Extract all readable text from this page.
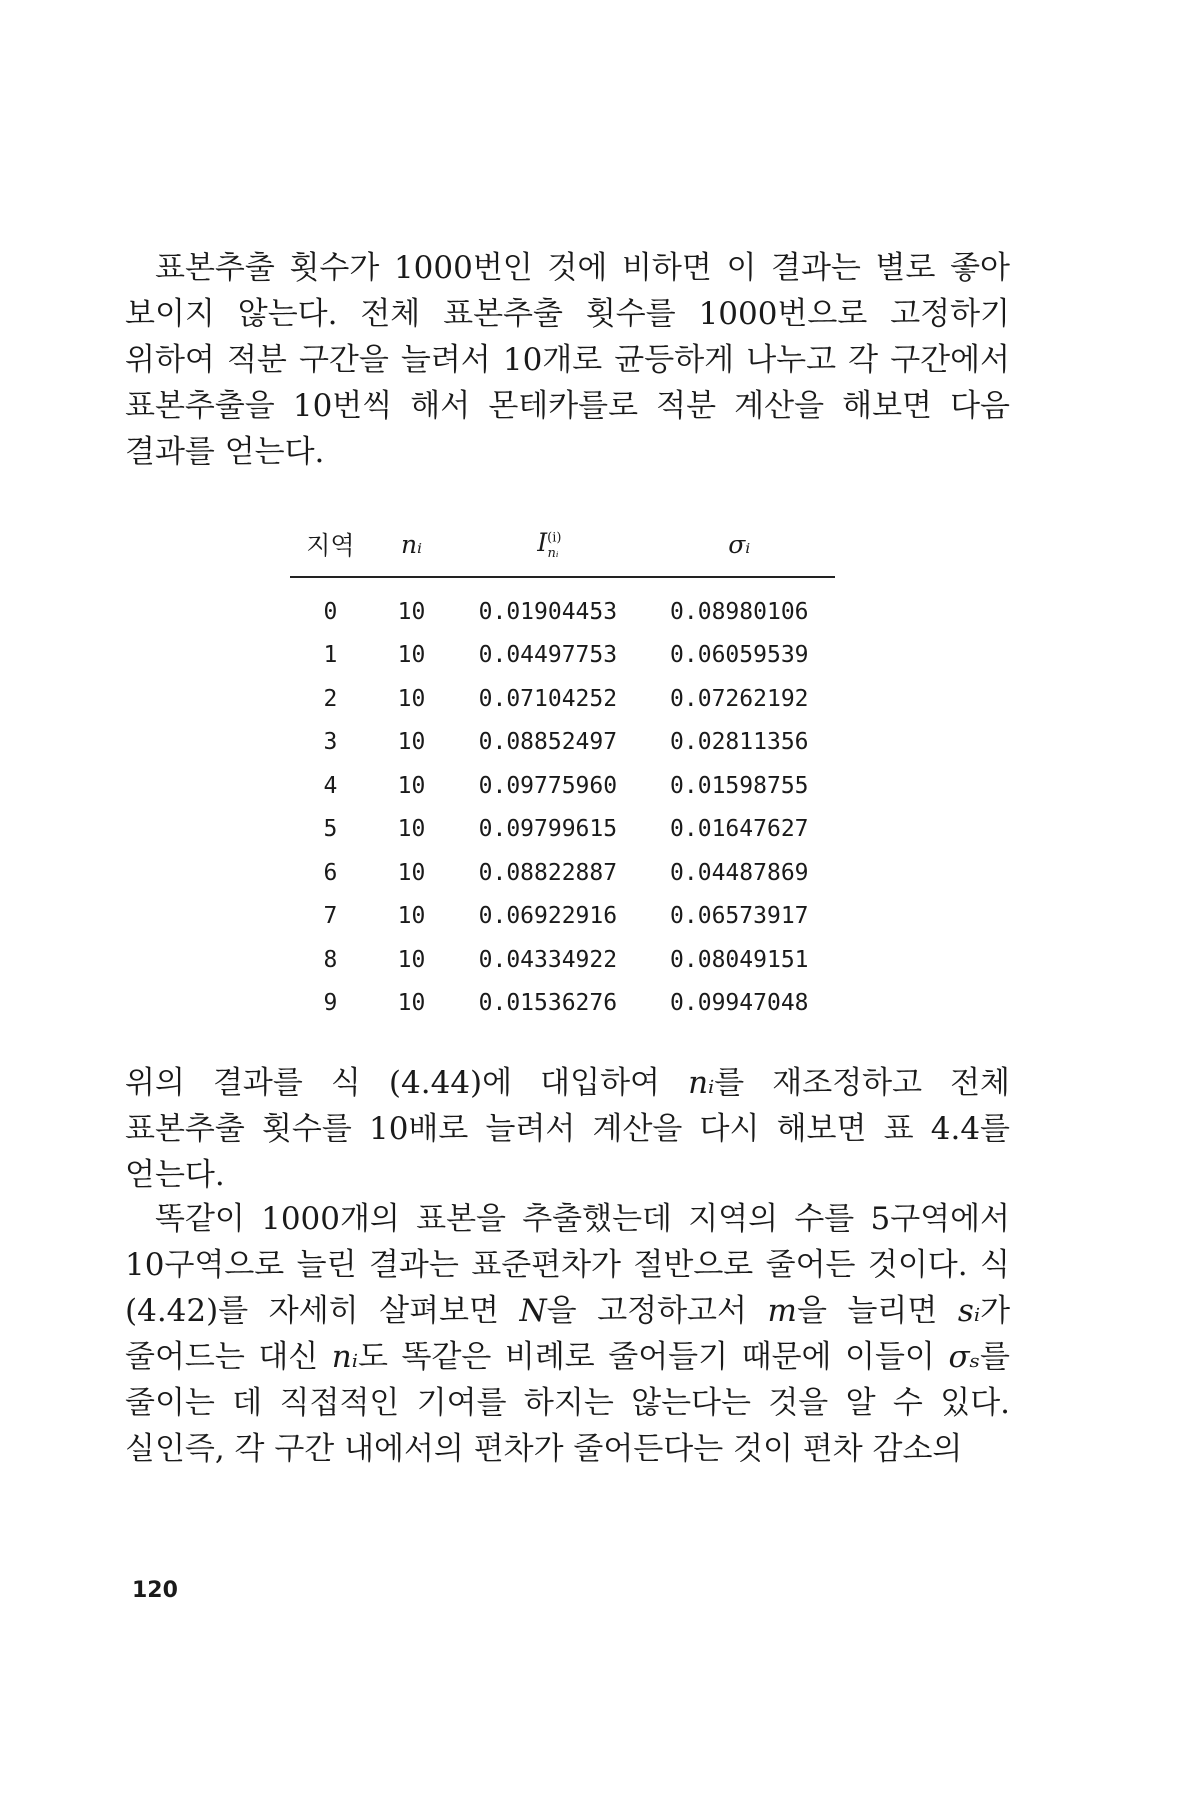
표본추출 횟수가 1000번인 것에 비하면 이 결과는 별로 좋아 보이지 않는다. 전체 표본추출 횟수를 1000번으로 고정하기 위하여 적분 구간을 늘려서 10개로 균등하게 나누고 각 구간에서 표본추출을 10번씩 해서 몬테카를로 적분 계산을 해보면 다음 결과를 얻는다.

지역	nᵢ	$I^{(i)}_{nᵢ}$	σᵢ
0	10	0.01904453	0.08980106
1	10	0.04497753	0.06059539
2	10	0.07104252	0.07262192
3	10	0.08852497	0.02811356
4	10	0.09775960	0.01598755
5	10	0.09799615	0.01647627
6	10	0.08822887	0.04487869
7	10	0.06922916	0.06573917
8	10	0.04334922	0.08049151
9	10	0.01536276	0.09947048

위의 결과를 식 (4.44)에 대입하여 nᵢ를 재조정하고 전체 표본추출 횟수를 10배로 늘려서 계산을 다시 해보면 표 4.4를 얻는다.

똑같이 1000개의 표본을 추출했는데 지역의 수를 5구역에서 10구역으로 늘린 결과는 표준편차가 절반으로 줄어든 것이다. 식 (4.42)를 자세히 살펴보면 N을 고정하고서 m을 늘리면 sᵢ가 줄어드는 대신 nᵢ도 똑같은 비례로 줄어들기 때문에 이들이 σₛ를 줄이는 데 직접적인 기여를 하지는 않는다는 것을 알 수 있다. 실인즉, 각 구간 내에서의 편차가 줄어든다는 것이 편차 감소의

120
